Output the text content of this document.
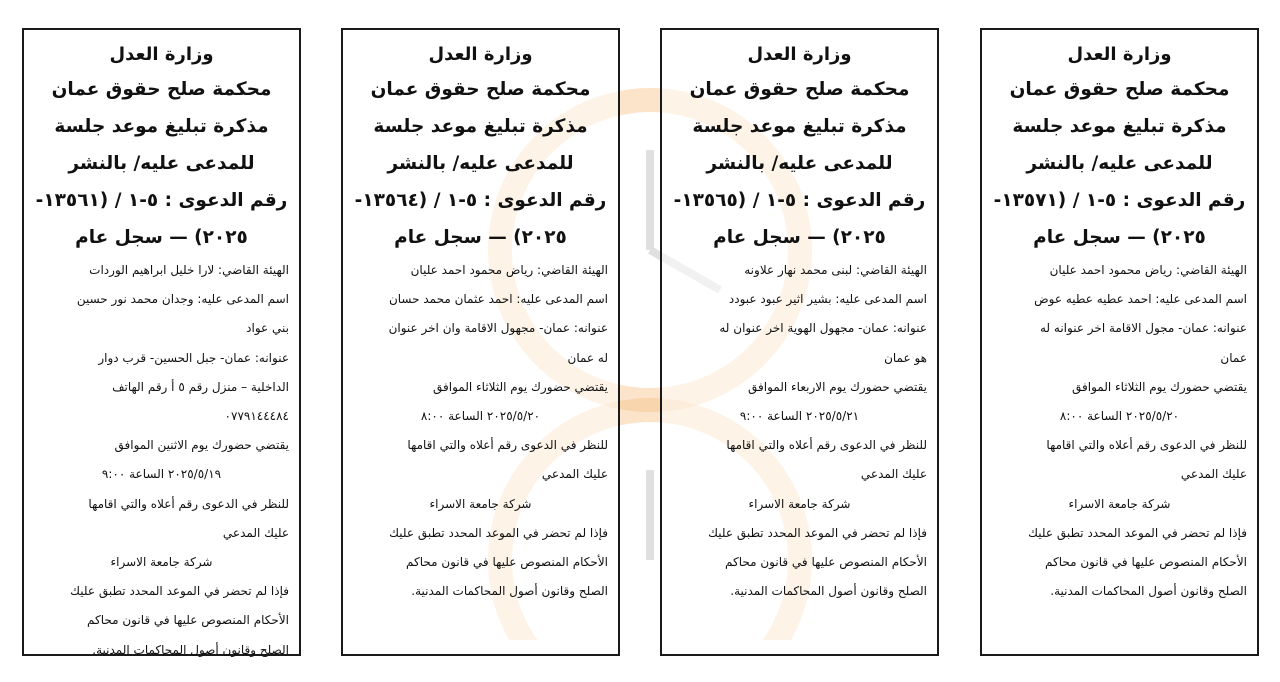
وزارة العدل
محكمة صلح حقوق عمان
مذكرة تبليغ موعد جلسة
للمدعى عليه/ بالنشر
رقم الدعوى : ٥-١ / (١٣٥٧١-
٢٠٢٥) — سجل عام
الهيئة القاضي: رياض محمود احمد عليان
اسم المدعى عليه: احمد عطيه عطيه عوض
عنوانه: عمان- مجول الاقامة اخر عنوانه له
عمان
يقتضي حضورك يوم الثلاثاء الموافق
٢٠٢٥/٥/٢٠ الساعة ٨:٠٠
للنظر في الدعوى رقم أعلاه والتي اقامها
عليك المدعي
شركة جامعة الاسراء
فإذا لم تحضر في الموعد المحدد تطبق عليك
الأحكام المنصوص عليها في قانون محاكم
الصلح وقانون أصول المحاكمات المدنية.
وزارة العدل
محكمة صلح حقوق عمان
مذكرة تبليغ موعد جلسة
للمدعى عليه/ بالنشر
رقم الدعوى : ٥-١ / (١٣٥٦٥-
٢٠٢٥) — سجل عام
الهيئة القاضي: لبنى محمد نهار علاونه
اسم المدعى عليه: بشير اثير عبود عبودد
عنوانه: عمان- مجهول الهوية اخر عنوان له
هو عمان
يقتضي حضورك يوم الاربعاء الموافق
٢٠٢٥/٥/٢١ الساعة ٩:٠٠
للنظر في الدعوى رقم أعلاه والتي اقامها
عليك المدعي
شركة جامعة الاسراء
فإذا لم تحضر في الموعد المحدد تطبق عليك
الأحكام المنصوص عليها في قانون محاكم
الصلح وقانون أصول المحاكمات المدنية.
وزارة العدل
محكمة صلح حقوق عمان
مذكرة تبليغ موعد جلسة
للمدعى عليه/ بالنشر
رقم الدعوى : ٥-١ / (١٣٥٦٤-
٢٠٢٥) — سجل عام
الهيئة القاضي: رياض محمود احمد عليان
اسم المدعى عليه: احمد عثمان محمد حسان
عنوانه: عمان- مجهول الاقامة وان اخر عنوان
له عمان
يقتضي حضورك يوم الثلاثاء الموافق
٢٠٢٥/٥/٢٠ الساعة ٨:٠٠
للنظر في الدعوى رقم أعلاه والتي اقامها
عليك المدعي
شركة جامعة الاسراء
فإذا لم تحضر في الموعد المحدد تطبق عليك
الأحكام المنصوص عليها في قانون محاكم
الصلح وقانون أصول المحاكمات المدنية.
وزارة العدل
محكمة صلح حقوق عمان
مذكرة تبليغ موعد جلسة
للمدعى عليه/ بالنشر
رقم الدعوى : ٥-١ / (١٣٥٦١-
٢٠٢٥) — سجل عام
الهيئة القاضي: لارا خليل ابراهيم الوردات
اسم المدعى عليه: وجدان محمد نور حسين
بني عواد
عنوانه: عمان- جبل الحسين- قرب دوار
الداخلية – منزل رقم ٥ أ رقم الهاتف
٠٧٧٩١٤٤٤٨٤
يقتضي حضورك يوم الاثنين الموافق
٢٠٢٥/٥/١٩ الساعة ٩:٠٠
للنظر في الدعوى رقم أعلاه والتي اقامها
عليك المدعي
شركة جامعة الاسراء
فإذا لم تحضر في الموعد المحدد تطبق عليك
الأحكام المنصوص عليها في قانون محاكم
الصلح وقانون أصول المحاكمات المدنية.
